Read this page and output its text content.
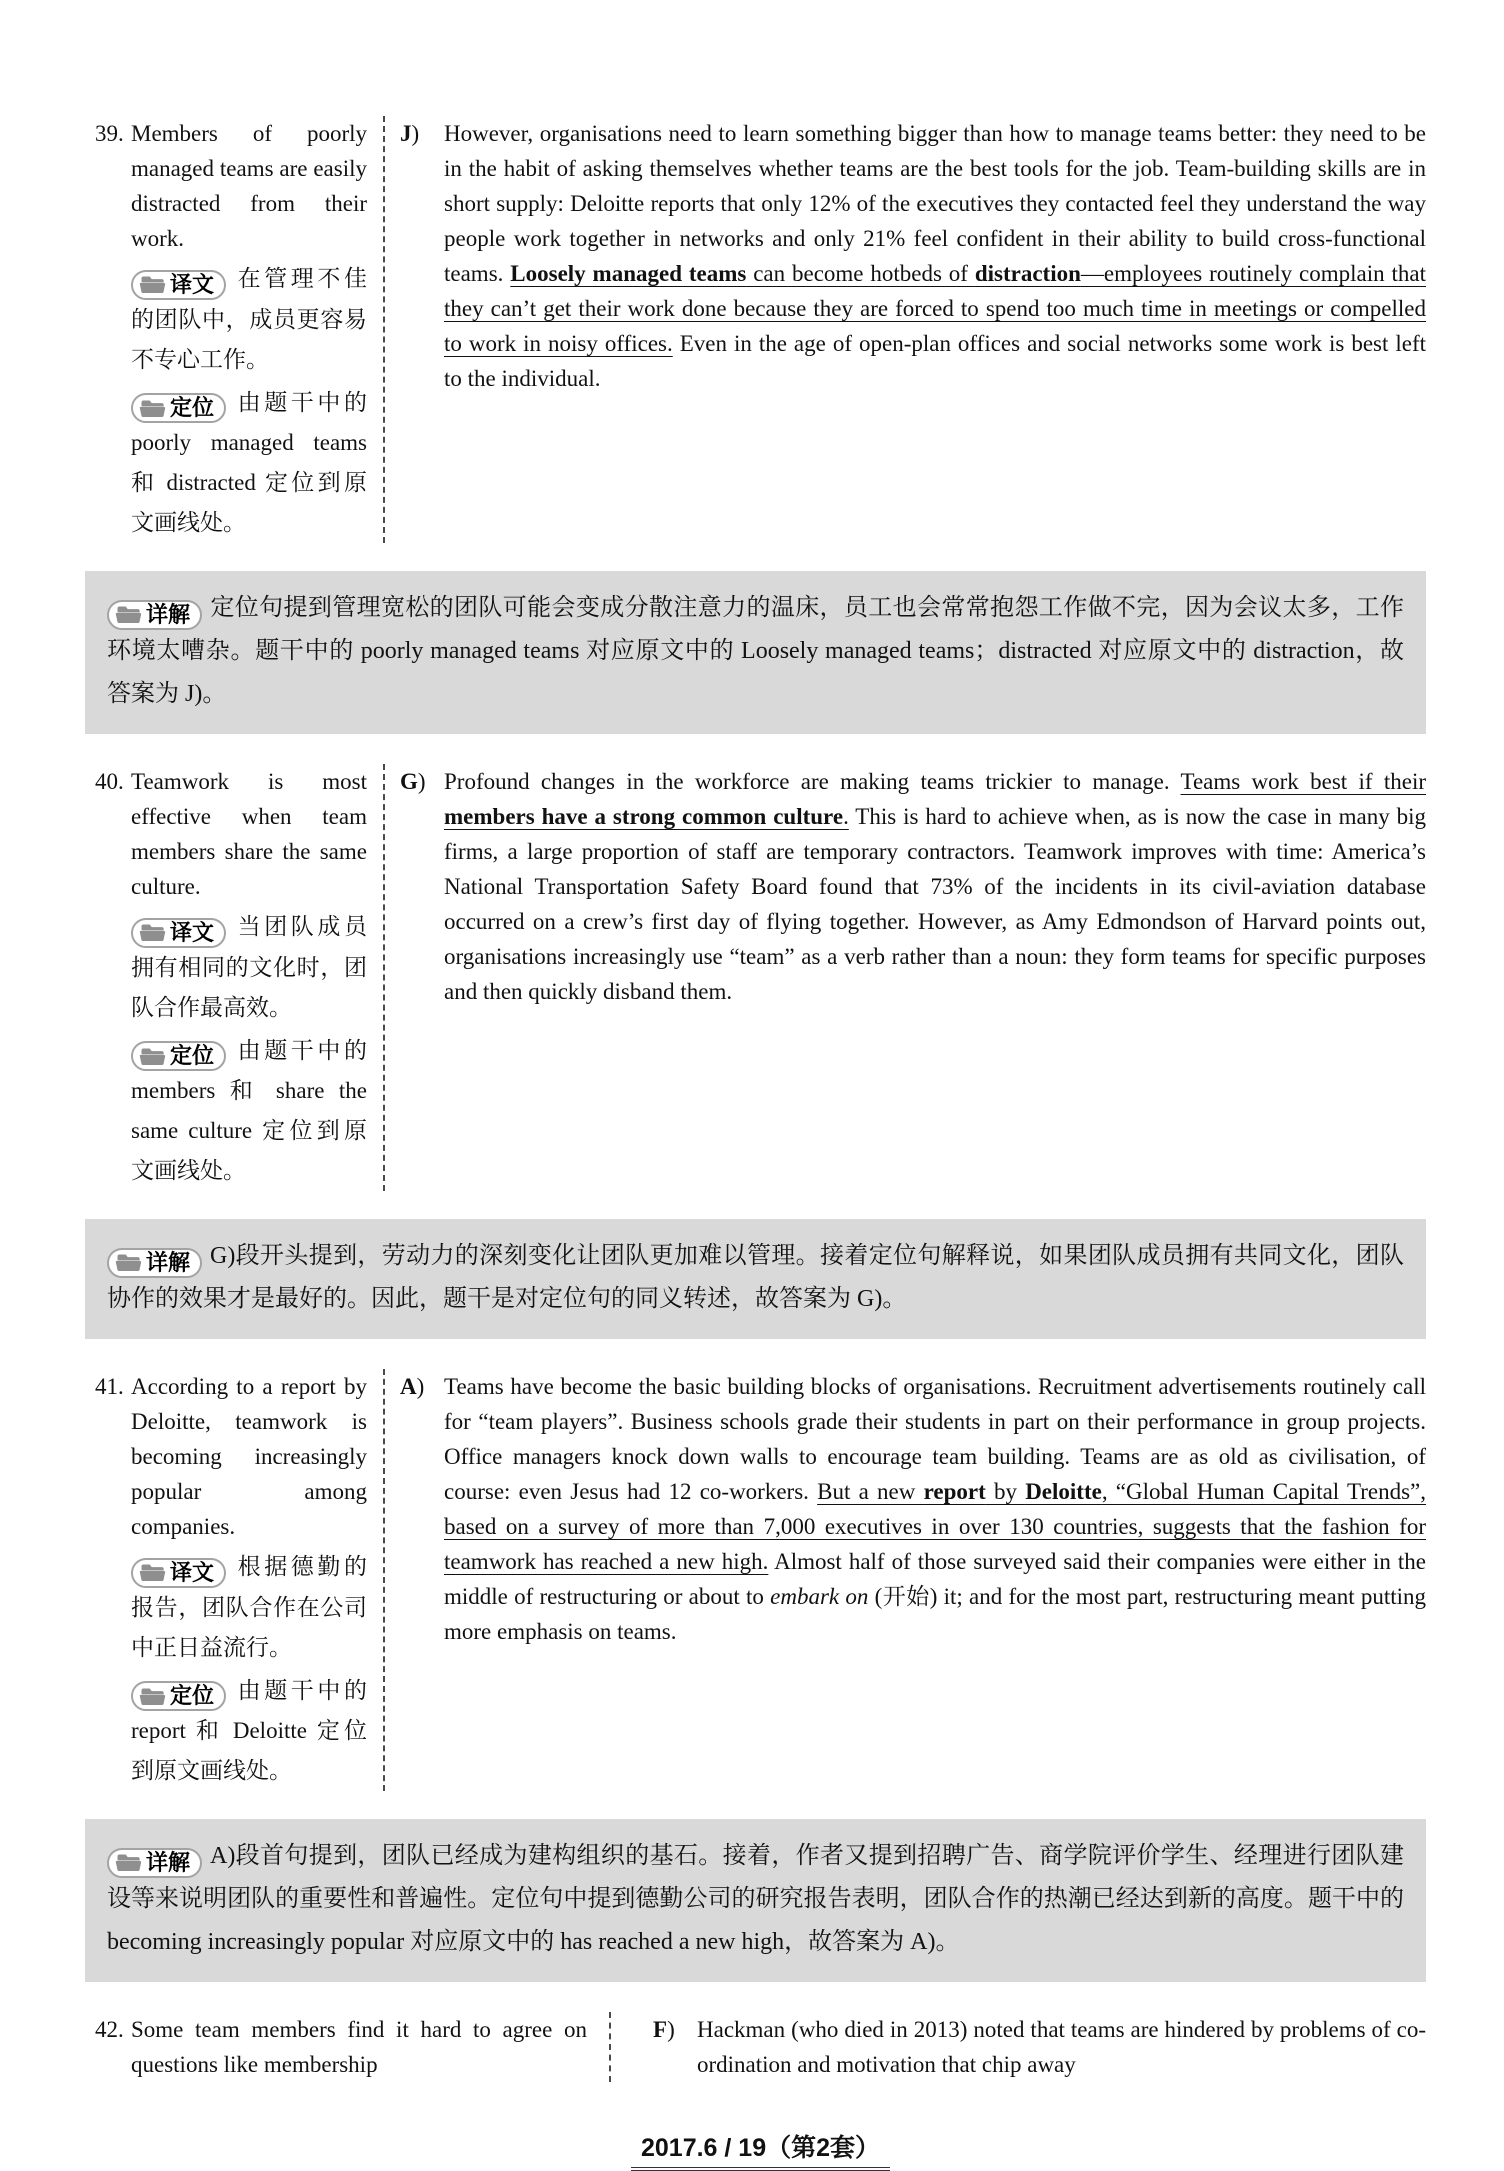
39. Members of poorly managed teams are easily distracted from their work.

译文 在管理不佳的团队中，成员更容易不专心工作。

定位 由题干中的 poorly managed teams 和 distracted 定位到原文画线处。

J)	However, organisations need to learn something bigger than how to manage teams better: they need to be in the habit of asking themselves whether teams are the best tools for the job. Team-building skills are in short supply: Deloitte reports that only 12% of the executives they contacted feel they understand the way people work together in networks and only 21% feel confident in their ability to build cross-functional teams. Loosely managed teams can become hotbeds of distraction—employees routinely complain that they can’t get their work done because they are forced to spend too much time in meetings or compelled to work in noisy offices. Even in the age of open-plan offices and social networks some work is best left to the individual.
详解 定位句提到管理宽松的团队可能会变成分散注意力的温床，员工也会常常抱怨工作做不完，因为会议太多，工作环境太嘈杂。题干中的 poorly managed teams 对应原文中的 Loosely managed teams；distracted 对应原文中的 distraction，故答案为 J)。
40. Teamwork is most effective when team members share the same culture.

译文 当团队成员拥有相同的文化时，团队合作最高效。

定位 由题干中的 members 和 share the same culture 定位到原文画线处。

G) Profound changes in the workforce are making teams trickier to manage. Teams work best if their members have a strong common culture. This is hard to achieve when, as is now the case in many big firms, a large proportion of staff are temporary contractors. Teamwork improves with time: America’s National Transportation Safety Board found that 73% of the incidents in its civil-aviation database occurred on a crew’s first day of flying together. However, as Amy Edmondson of Harvard points out, organisations increasingly use “team” as a verb rather than a noun: they form teams for specific purposes and then quickly disband them.
详解 G)段开头提到，劳动力的深刻变化让团队更加难以管理。接着定位句解释说，如果团队成员拥有共同文化，团队协作的效果才是最好的。因此，题干是对定位句的同义转述，故答案为 G)。
41. According to a report by Deloitte, teamwork is becoming increasingly popular among companies.

译文 根据德勤的报告，团队合作在公司中正日益流行。

定位 由题干中的 report 和 Deloitte 定位到原文画线处。

A) Teams have become the basic building blocks of organisations. Recruitment advertisements routinely call for “team players”. Business schools grade their students in part on their performance in group projects. Office managers knock down walls to encourage team building. Teams are as old as civilisation, of course: even Jesus had 12 co-workers. But a new report by Deloitte, “Global Human Capital Trends”, based on a survey of more than 7,000 executives in over 130 countries, suggests that the fashion for teamwork has reached a new high. Almost half of those surveyed said their companies were either in the middle of restructuring or about to embark on (开始) it; and for the most part, restructuring meant putting more emphasis on teams.
详解 A)段首句提到，团队已经成为建构组织的基石。接着，作者又提到招聘广告、商学院评价学生、经理进行团队建设等来说明团队的重要性和普遍性。定位句中提到德勤公司的研究报告表明，团队合作的热潮已经达到新的高度。题干中的 becoming increasingly popular 对应原文中的 has reached a new high，故答案为 A)。
42. Some team members find it hard to agree on questions like membership

F) Hackman (who died in 2013) noted that teams are hindered by problems of co-ordination and motivation that chip away
2017.6 / 19（第2套）
